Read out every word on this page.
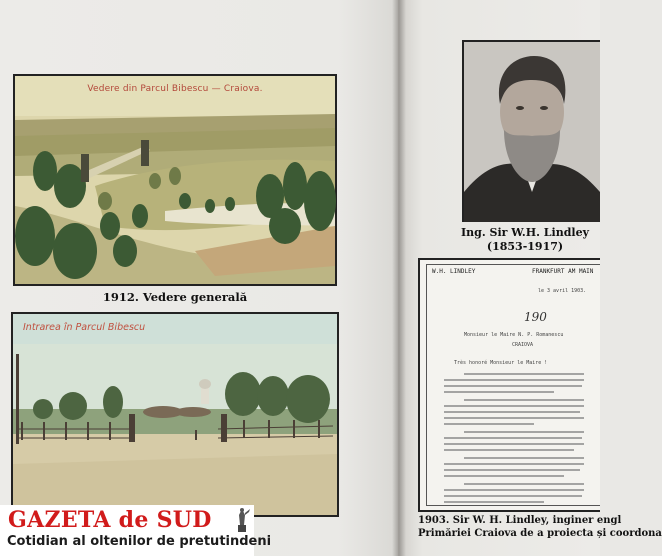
Vedere din Parcul Bibescu — Craiova.
1912. Vedere generală
Intrarea în Parcul Bibescu
Ing. Sir W.H. Lindley
(1853-1917)
W.H. LINDLEY	FRANKFURT AM MAIN
le 3 avril 1903.
190
Monsieur le Maire N. P. Romanescu
CRAIOVA
Très honoré Monsieur le Maire !
1903. Sir W. H. Lindley, inginer engl
Primăriei Craiova de a proiecta și coordona
GAZETA de SUD
Cotidian al oltenilor de pretutindeni
